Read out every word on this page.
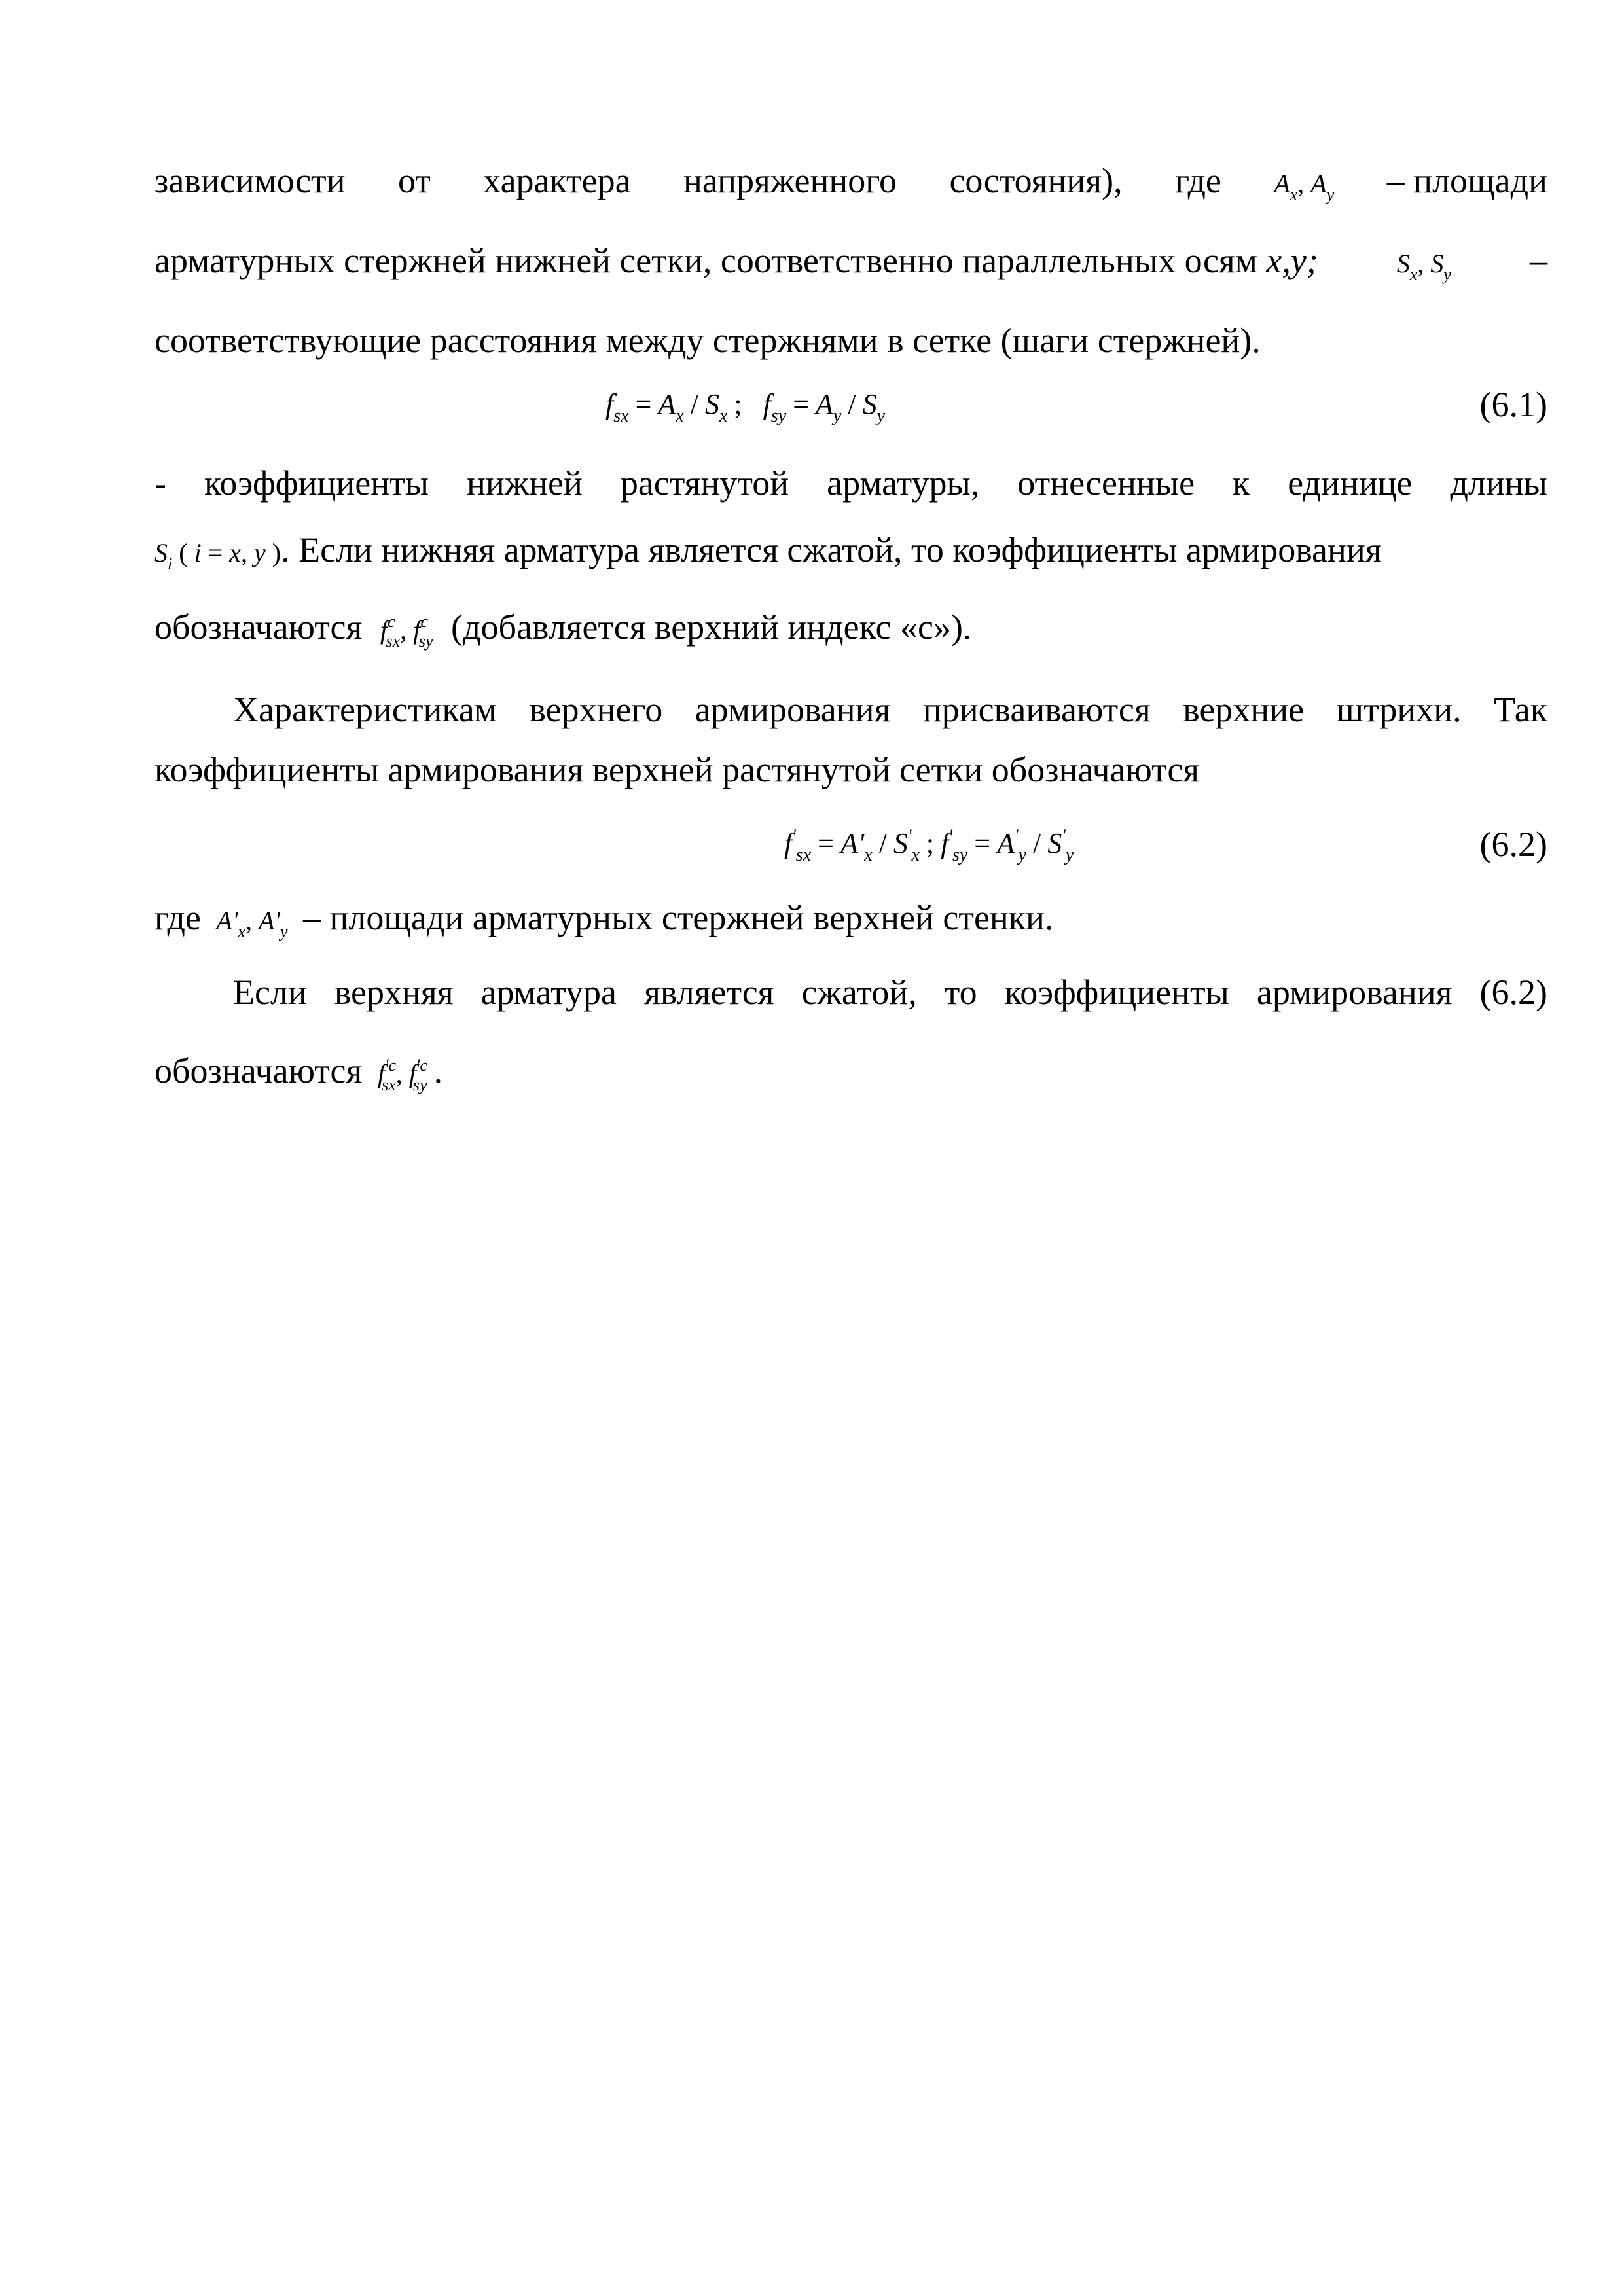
зависимости от характера напряженного состояния), где $A_x$, $A_y$ – площади
арматурных стержней нижней сетки, соответственно параллельных осям x,y;	$S_x$, $S_y$ –
соответствующие расстояния между стержнями в сетке (шаги стержней).
$f_{sx} = A_x / S_x$ ;  $f_{sy} = A_y / S_y$	(6.1)
- коэффициенты нижней растянутой арматуры, отнесенные к единице длины
$S_i$ ( i = x, y ). Если нижняя арматура является сжатой, то коэффициенты армирования
обозначаются $f^c_{sx}$, $f^c_{sy}$ (добавляется верхний индекс «с»).
Характеристикам верхнего армирования присваиваются верхние штрихи. Так
коэффициенты армирования верхней растянутой сетки обозначаются
$f'_{sx} = A'_x / S'_x$ ; $f'_{sy} = A'_y / S'_y$	(6.2)
где $A'_x$, $A'_y$ – площади арматурных стержней верхней стенки.
Если верхняя арматура является сжатой, то коэффициенты армирования (6.2)
обозначаются $f^{'c}_{sx}$, $f^{'c}_{sy}$ .
